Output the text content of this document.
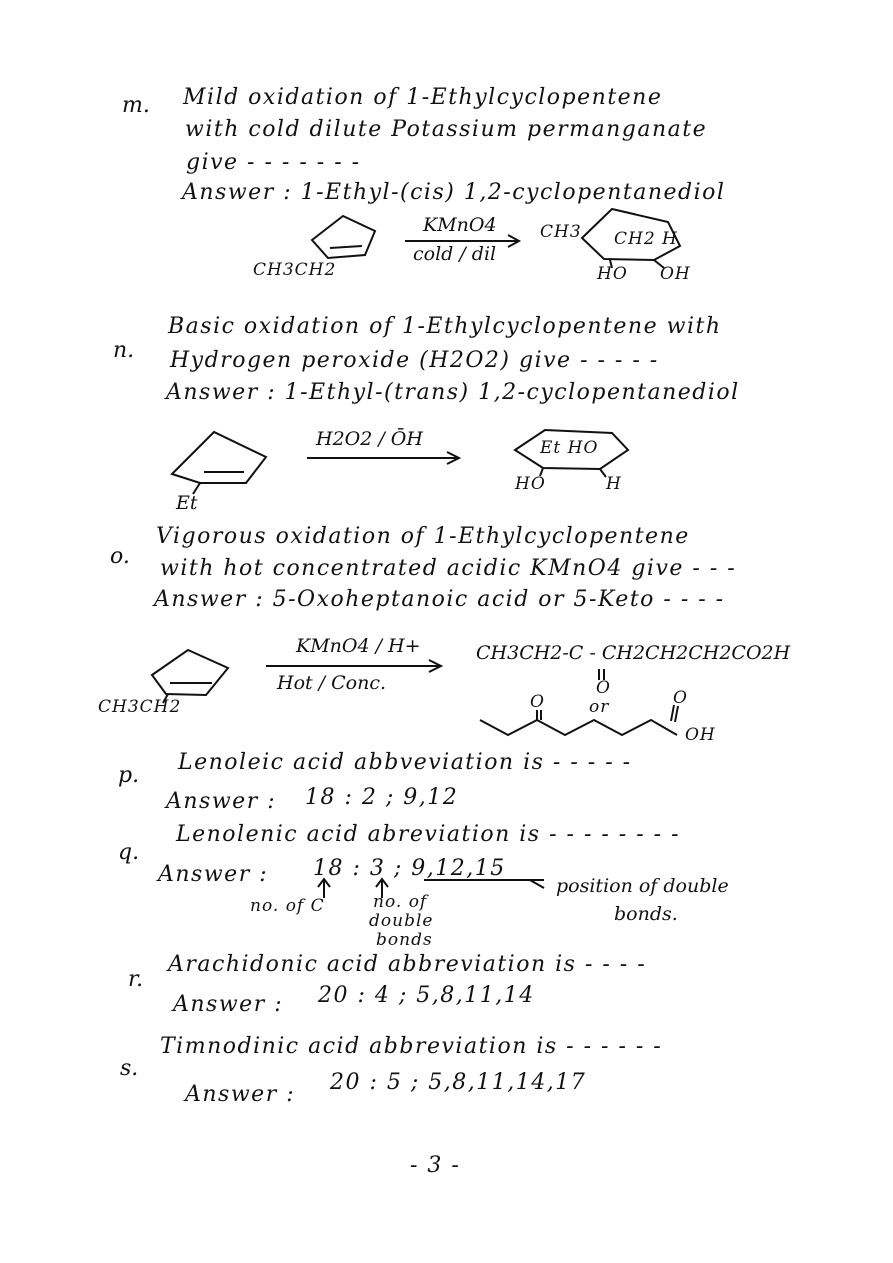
m. Mild oxidation of 1-Ethylcyclopentene
with cold dilute Potassium permanganate
give - - - - - - -
Answer : 1-Ethyl-(cis) 1,2-cyclopentanediol
CH3CH2
KMnO4
cold / dil
CH3 CH2 H
HO OH
n.
Basic oxidation of 1-Ethylcyclopentene with
Hydrogen peroxide (H2O2) give - - - - -
Answer : 1-Ethyl-(trans) 1,2-cyclopentanediol
Et
H2O2 / ŌH	Et HO
HO	H
o.
Vigorous oxidation of 1-Ethylcyclopentene
with hot concentrated acidic KMnO4 give - - -
Answer : 5-Oxoheptanoic acid or 5-Keto - - - -
CH3CH2
KMnO4 / H+
Hot / Conc.
CH3CH2-C - CH2CH2CH2CO2H
O
or
O	O
OH
p.
Lenoleic acid abbveviation is - - - - -
Answer : 18 : 2 ; 9,12
q.
Lenolenic acid abreviation is - - - - - - - -
Answer : 18 : 3 ; 9,12,15
no. of C	no. of
double
bonds
position of double
bonds.
r.
Arachidonic acid abbreviation is - - - -
Answer : 20 : 4 ; 5,8,11,14
s.
Timnodinic acid abbreviation is - - - - - -
Answer : 20 : 5 ; 5,8,11,14,17
- 3 -
